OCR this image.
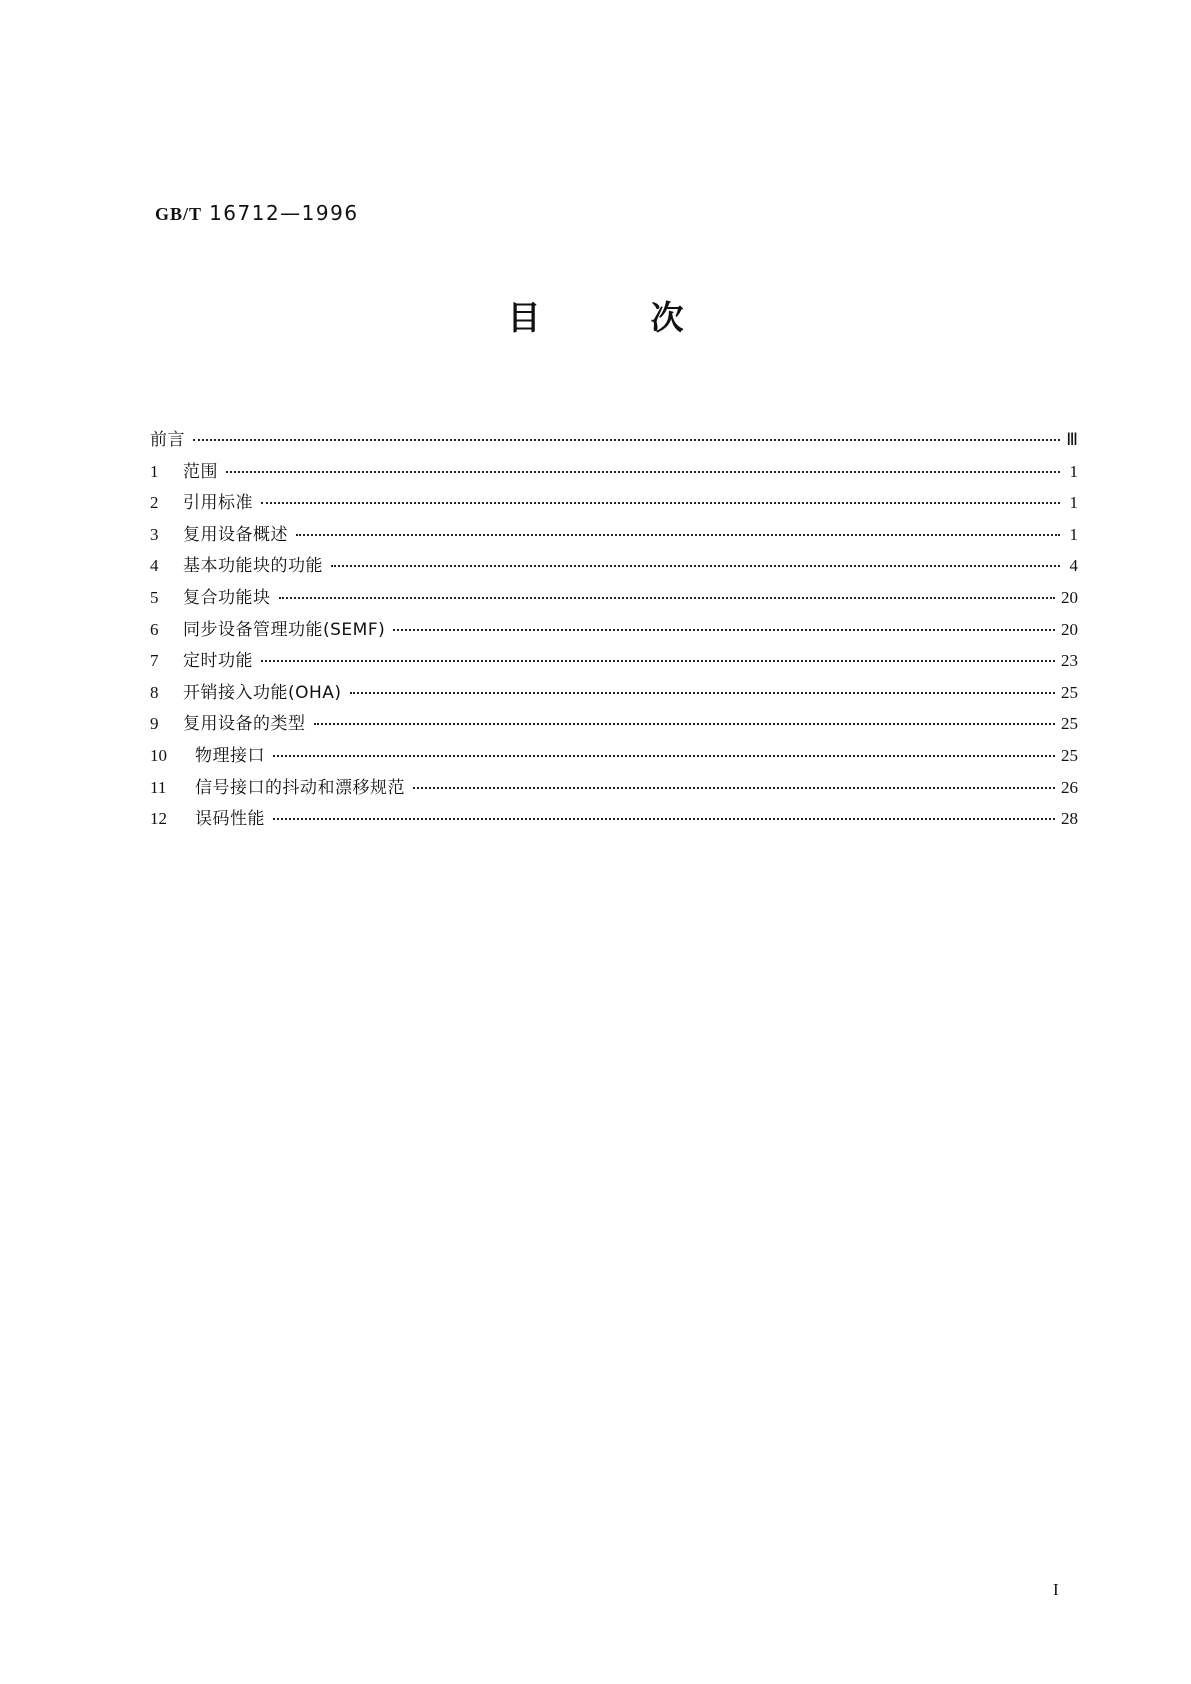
GB/T 16712—1996
目	次
前言	Ⅲ
1	范围	1
2	引用标准	1
3	复用设备概述	1
4	基本功能块的功能	4
5	复合功能块	20
6	同步设备管理功能(SEMF)	20
7	定时功能	23
8	开销接入功能(OHA)	25
9	复用设备的类型	25
10	物理接口	25
11	信号接口的抖动和漂移规范	26
12	误码性能	28
I
